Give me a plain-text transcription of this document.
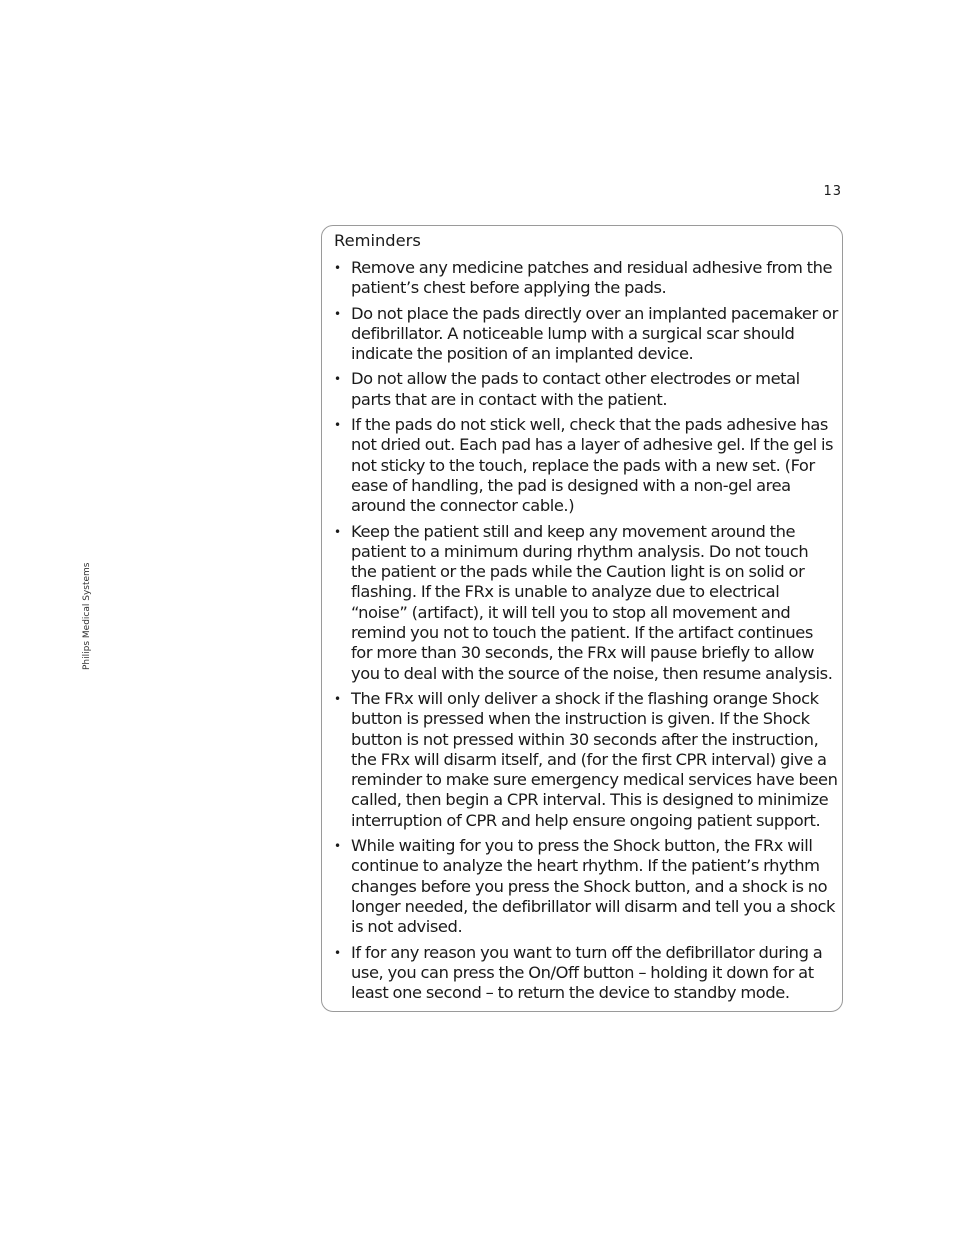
13
Philips Medical Systems
Reminders
• Remove any medicine patches and residual adhesive from the patient’s chest before applying the pads.
• Do not place the pads directly over an implanted pacemaker or defibrillator. A noticeable lump with a surgical scar should indicate the position of an implanted device.
• Do not allow the pads to contact other electrodes or metal parts that are in contact with the patient.
• If the pads do not stick well, check that the pads adhesive has not dried out. Each pad has a layer of adhesive gel. If the gel is not sticky to the touch, replace the pads with a new set. (For ease of handling, the pad is designed with a non-gel area around the connector cable.)
• Keep the patient still and keep any movement around the patient to a minimum during rhythm analysis. Do not touch the patient or the pads while the Caution light is on solid or flashing. If the FRx is unable to analyze due to electrical “noise” (artifact), it will tell you to stop all movement and remind you not to touch the patient. If the artifact continues for more than 30 seconds, the FRx will pause briefly to allow you to deal with the source of the noise, then resume analysis.
• The FRx will only deliver a shock if the flashing orange Shock button is pressed when the instruction is given. If the Shock button is not pressed within 30 seconds after the instruction, the FRx will disarm itself, and (for the first CPR interval) give a reminder to make sure emergency medical services have been called, then begin a CPR interval. This is designed to minimize interruption of CPR and help ensure ongoing patient support.
• While waiting for you to press the Shock button, the FRx will continue to analyze the heart rhythm. If the patient’s rhythm changes before you press the Shock button, and a shock is no longer needed, the defibrillator will disarm and tell you a shock is not advised.
• If for any reason you want to turn off the defibrillator during a use, you can press the On/Off button – holding it down for at least one second – to return the device to standby mode.
